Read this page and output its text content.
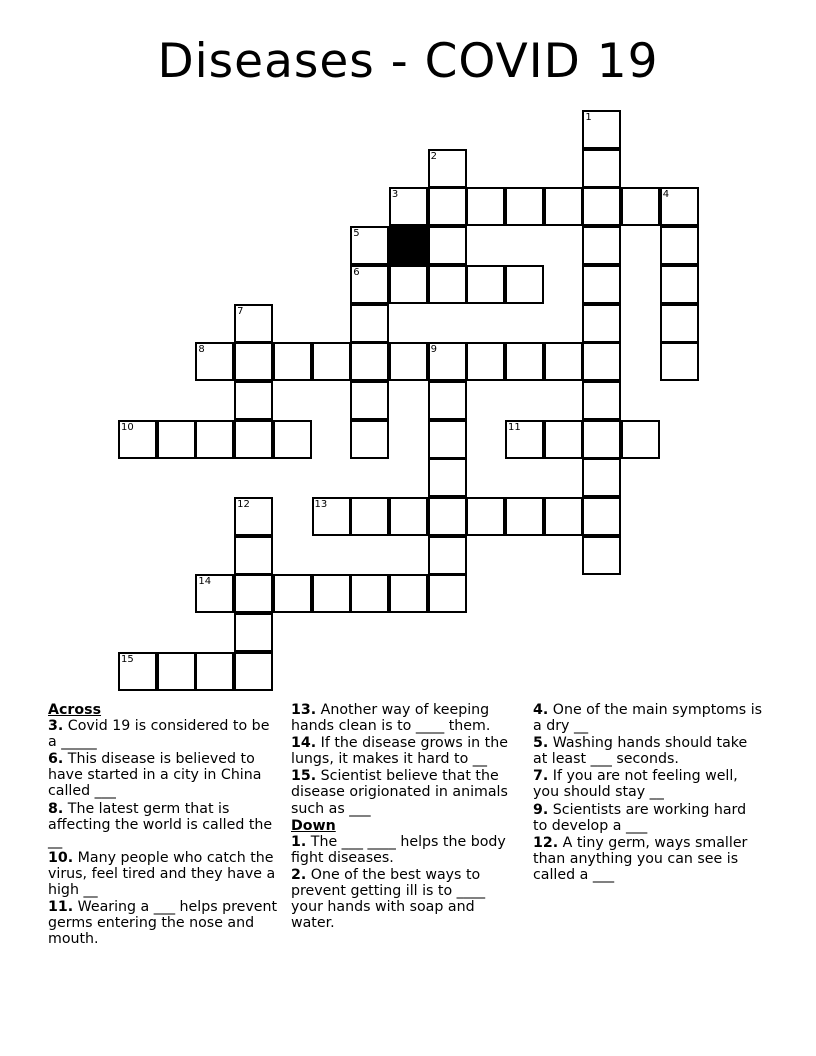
Diseases - COVID 19
1
2
3	4
5
6
7
8	9
10	11
12	13
14
15
Across
3. Covid 19 is considered to be a _____
6. This disease is believed to have started in a city in China called ___
8. The latest germ that is affecting the world is called the __
10. Many people who catch the virus, feel tired and they have a high __
11. Wearing a ___ helps prevent germs entering the nose and mouth.
13. Another way of keeping hands clean is to ____ them.
14. If the disease grows in the lungs, it makes it hard to __
15. Scientist believe that the disease origionated in animals such as ___
Down
1. The ___ ____ helps the body fight diseases.
2. One of the best ways to prevent getting ill is to ____ your hands with soap and water.
4. One of the main symptoms is a dry __
5. Washing hands should take at least ___ seconds.
7. If you are not feeling well, you should stay __
9. Scientists are working hard to develop a ___
12. A tiny germ, ways smaller than anything you can see is called a ___
